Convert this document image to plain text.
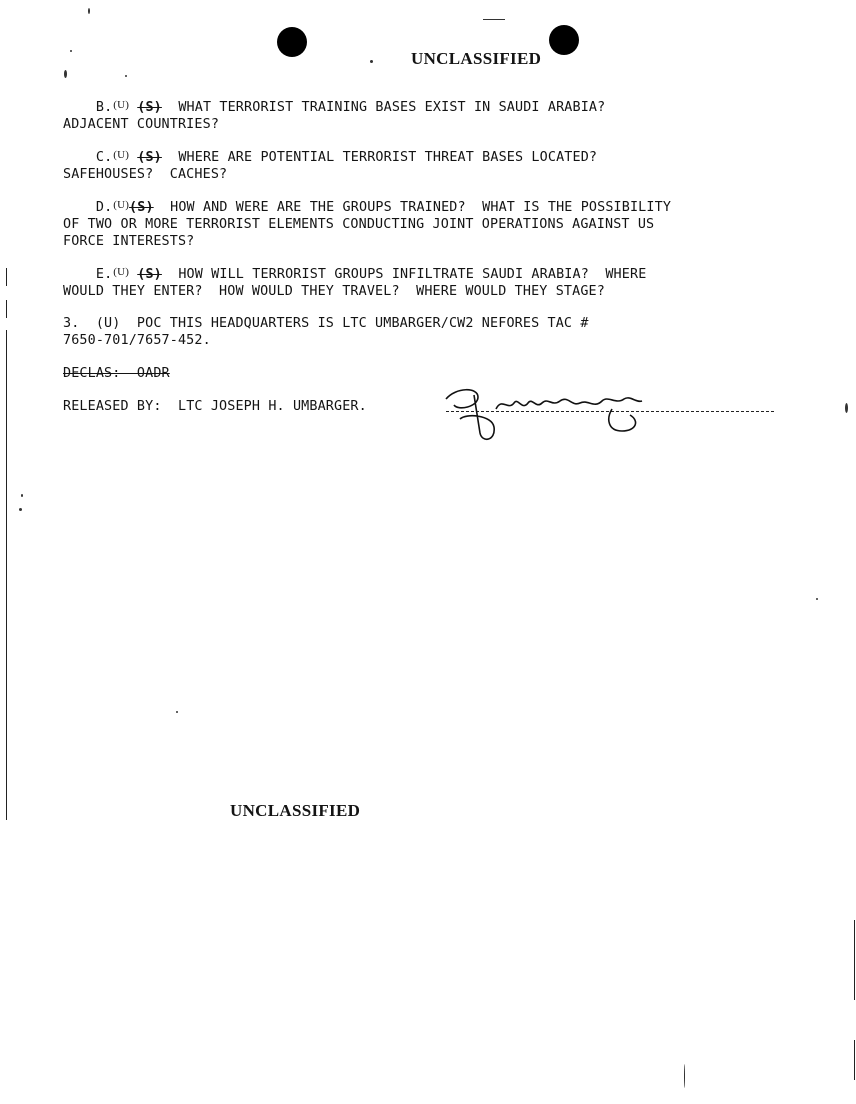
UNCLASSIFIED
B.$^{(U)}$ (S) WHAT TERRORIST TRAINING BASES EXIST IN SAUDI ARABIA?
ADJACENT COUNTRIES?
C.$^{(U)}$ (S) WHERE ARE POTENTIAL TERRORIST THREAT BASES LOCATED?
SAFEHOUSES?  CACHES?
D.$^{(U)}$(S) HOW AND WERE ARE THE GROUPS TRAINED?  WHAT IS THE POSSIBILITY
OF TWO OR MORE TERRORIST ELEMENTS CONDUCTING JOINT OPERATIONS AGAINST US
FORCE INTERESTS?
E.$^{(U)}$ (S) HOW WILL TERRORIST GROUPS INFILTRATE SAUDI ARABIA?  WHERE
WOULD THEY ENTER?  HOW WOULD THEY TRAVEL?  WHERE WOULD THEY STAGE?
3.  (U)  POC THIS HEADQUARTERS IS LTC UMBARGER/CW2 NEFORES TAC #
7650-701/7657-452.
DECLAS:  OADR
RELEASED BY: LTC JOSEPH H. UMBARGER.
UNCLASSIFIED
